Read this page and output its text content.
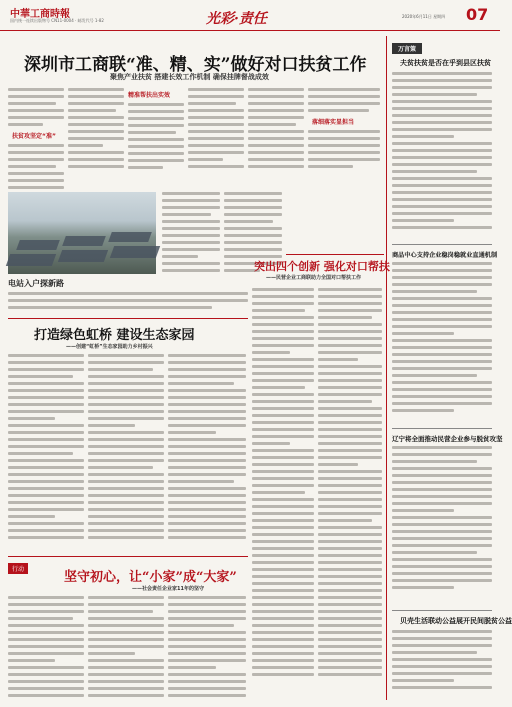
中華工商時報
国内统一连续出版物号 CN11-0004 · 邮发代号 1-82	光彩·责任	2020年6月11日 星期四 07
深圳市工商联“准、精、实”做好对口扶贫工作
聚焦产业扶贫 搭建长效工作机制 确保挂牌督战成效
扶贫攻坚定“准”
精准帮扶出实效
落细落实显担当
电站入户探新路
突出四个创新 强化对口帮扶
——民营企业工商联助力全国对口帮扶工作
打造绿色虹桥 建设生态家园
——创建“虹桥”生态家园助力乡村振兴
行动
坚守初心，让“小家”成“大家”
——社会责任企业家11年的坚守
万言策
夫贫扶贫是否在乎到县区扶贫
商品中心支持企业稳岗稳就业直通机制
辽宁将全面推动民营企业参与脱贫攻坚
贝壳生活联动公益展开民间脱贫公益
